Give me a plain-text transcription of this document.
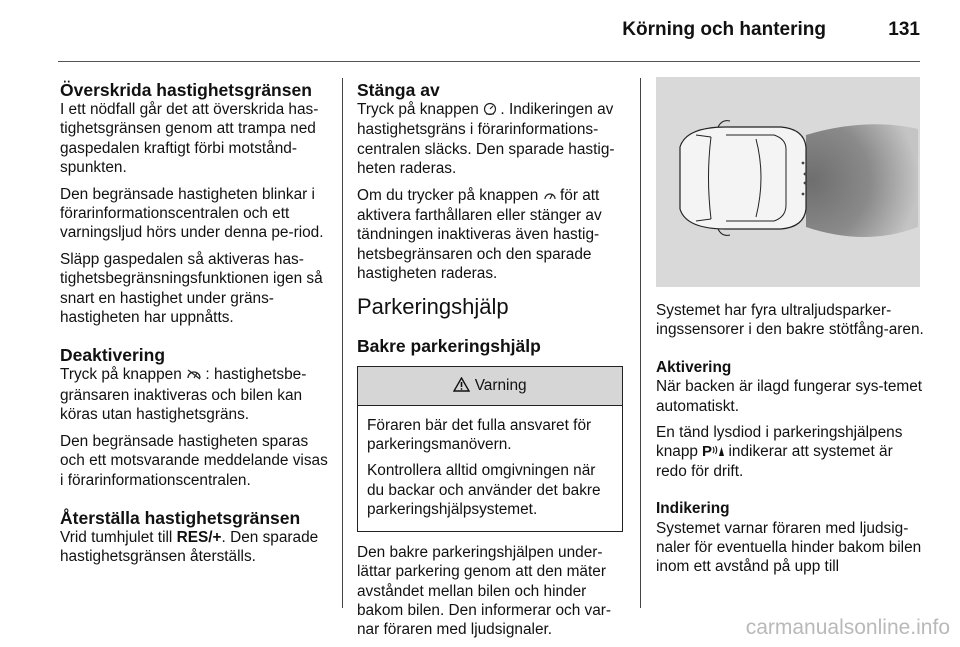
Körning och hantering	131
Överskrida hastighetsgränsen

I ett nödfall går det att överskrida has-tighetsgränsen genom att trampa ned gaspedalen kraftigt förbi motstånd-spunkten.

Den begränsade hastigheten blinkar i förarinformationscentralen och ett varningsljud hörs under denna pe-riod.

Släpp gaspedalen så aktiveras has-tighetsbegränsningsfunktionen igen så snart en hastighet under gräns-hastigheten har uppnåtts.

Deaktivering

Tryck på knappen : hastighetsbe-gränsaren inaktiveras och bilen kan köras utan hastighetsgräns.

Den begränsade hastigheten sparas och ett motsvarande meddelande visas i förarinformationscentralen.

Återställa hastighetsgränsen

Vrid tumhjulet till RES/+. Den sparade hastighetsgränsen återställs.

Stänga av

Tryck på knappen . Indikeringen av hastighetsgräns i förarinformations-centralen släcks. Den sparade hastig-heten raderas.

Om du trycker på knappen för att aktivera farthållaren eller stänger av tändningen inaktiveras även hastig-hetsbegränsaren och den sparade hastigheten raderas.

Parkeringshjälp
Bakre parkeringshjälp
Varning

Föraren bär det fulla ansvaret för parkeringsmanövern.

Kontrollera alltid omgivningen när du backar och använder det bakre parkeringshjälpsystemet.

Den bakre parkeringshjälpen under-lättar parkering genom att den mäter avståndet mellan bilen och hinder bakom bilen. Den informerar och var-nar föraren med ljudsignaler.

Systemet har fyra ultraljudsparker-ingssensorer i den bakre stötfång-aren.

Aktivering

När backen är ilagd fungerar sys-temet automatiskt.

En tänd lysdiod i parkeringshjälpens knapp P indikerar att systemet är redo för drift.

Indikering

Systemet varnar föraren med ljudsig-naler för eventuella hinder bakom bilen inom ett avstånd på upp till

carmanualsonline.info
